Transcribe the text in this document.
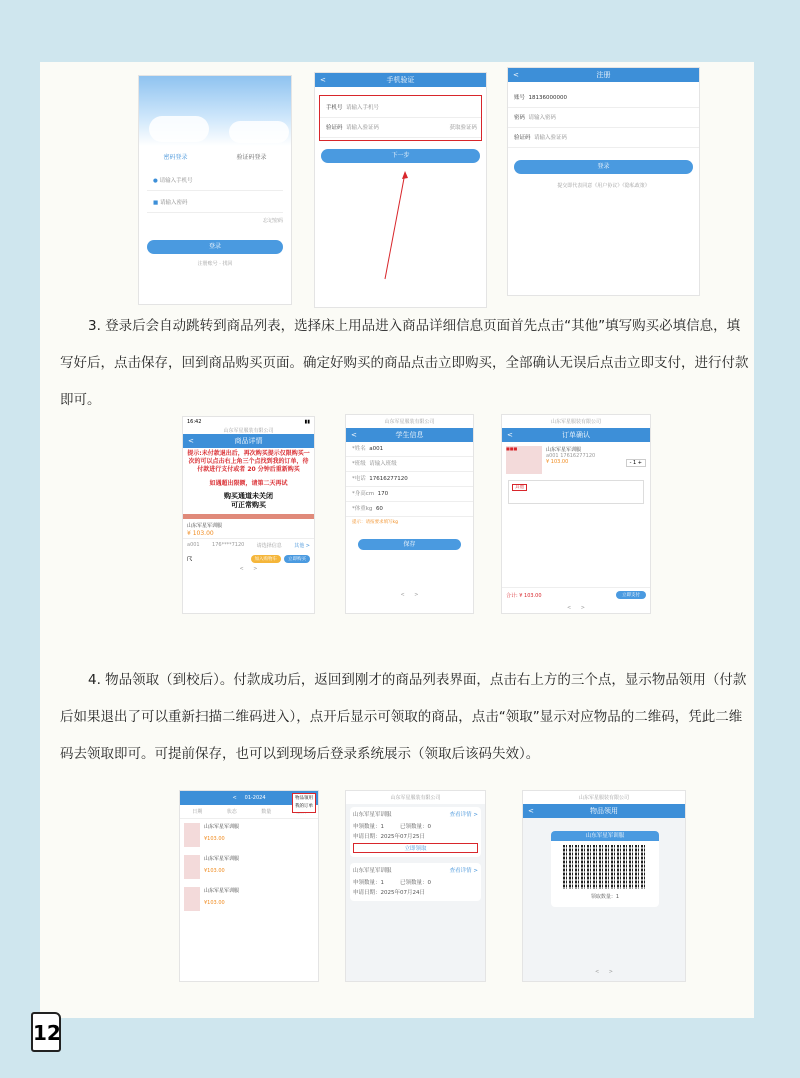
密码登录	验证码登录
● 请输入手机号
■ 请输入密码
忘记密码
登录
注册账号 · 找回
<	手机验证
手机号 请输入手机号
验证码 请输入验证码	获取验证码
下一步
<	注册
账号 18136000000
密码 请输入密码
验证码 请输入验证码
登录
提交即代表同意《用户协议》《隐私政策》
3. 登录后会自动跳转到商品列表，选择床上用品进入商品详细信息页面首先点击“其他”填写购买必填信息，填写好后，点击保存，回到商品购买页面。确定好购买的商品点击立即购买，全部确认无误后点击立即支付，进行付款即可。
16:42	▮▮
山东军星服装有限公司
<	商品详情
提示:未付款退出后，再次购买提示仅限购买一次的可以点击右上角三个点找到我的订单，待付款进行支付或者 20 分钟后重新购买
如遇超出限额，请第二天再试
购买通道未关闭
可正常购买
山东军星军训服
¥ 103.00
a001 176****7120 请选择信息 其他 >
☈	加入购物车	立即购买
<      >
山东军星服装有限公司
<	学生信息
*姓名 a001
*班级 请输入班级
*电话 17616277120
*身高cm 170
*体重kg 60
提示：请按要求填写kg
保存
<      >
山东军星服装有限公司
<	订单确认
■■■	山东军星军训服
a001 17616277120
¥ 103.00	- 1 +
其他
合计: ¥ 103.00	立即支付
<      >
4. 物品领取（到校后）。付款成功后，返回到刚才的商品列表界面，点击右上方的三个点，显示物品领用（付款后如果退出了可以重新扫描二维码进入），点开后显示可领取的商品，点击“领取”显示对应物品的二维码，凭此二维码去领取即可。可提前保存，也可以到现场后登录系统展示（领取后该码失效）。
< 01-2024	物品领用
我的订单
日期	状态	数量
山东军星军训服
¥103.00
山东军星军训服
¥103.00
山东军星军训服
¥103.00
山东军星服装有限公司
山东军星军训服	查看详情 >
申领数量：1	已领数量：0
申请日期：2025年07月25日
立即领取
山东军星军训服	查看详情 >
申领数量：1	已领数量：0
申请日期：2025年07月24日
山东军星服装有限公司
<	物品领用
山东军星军训服
领取数量：1
<      >
12
